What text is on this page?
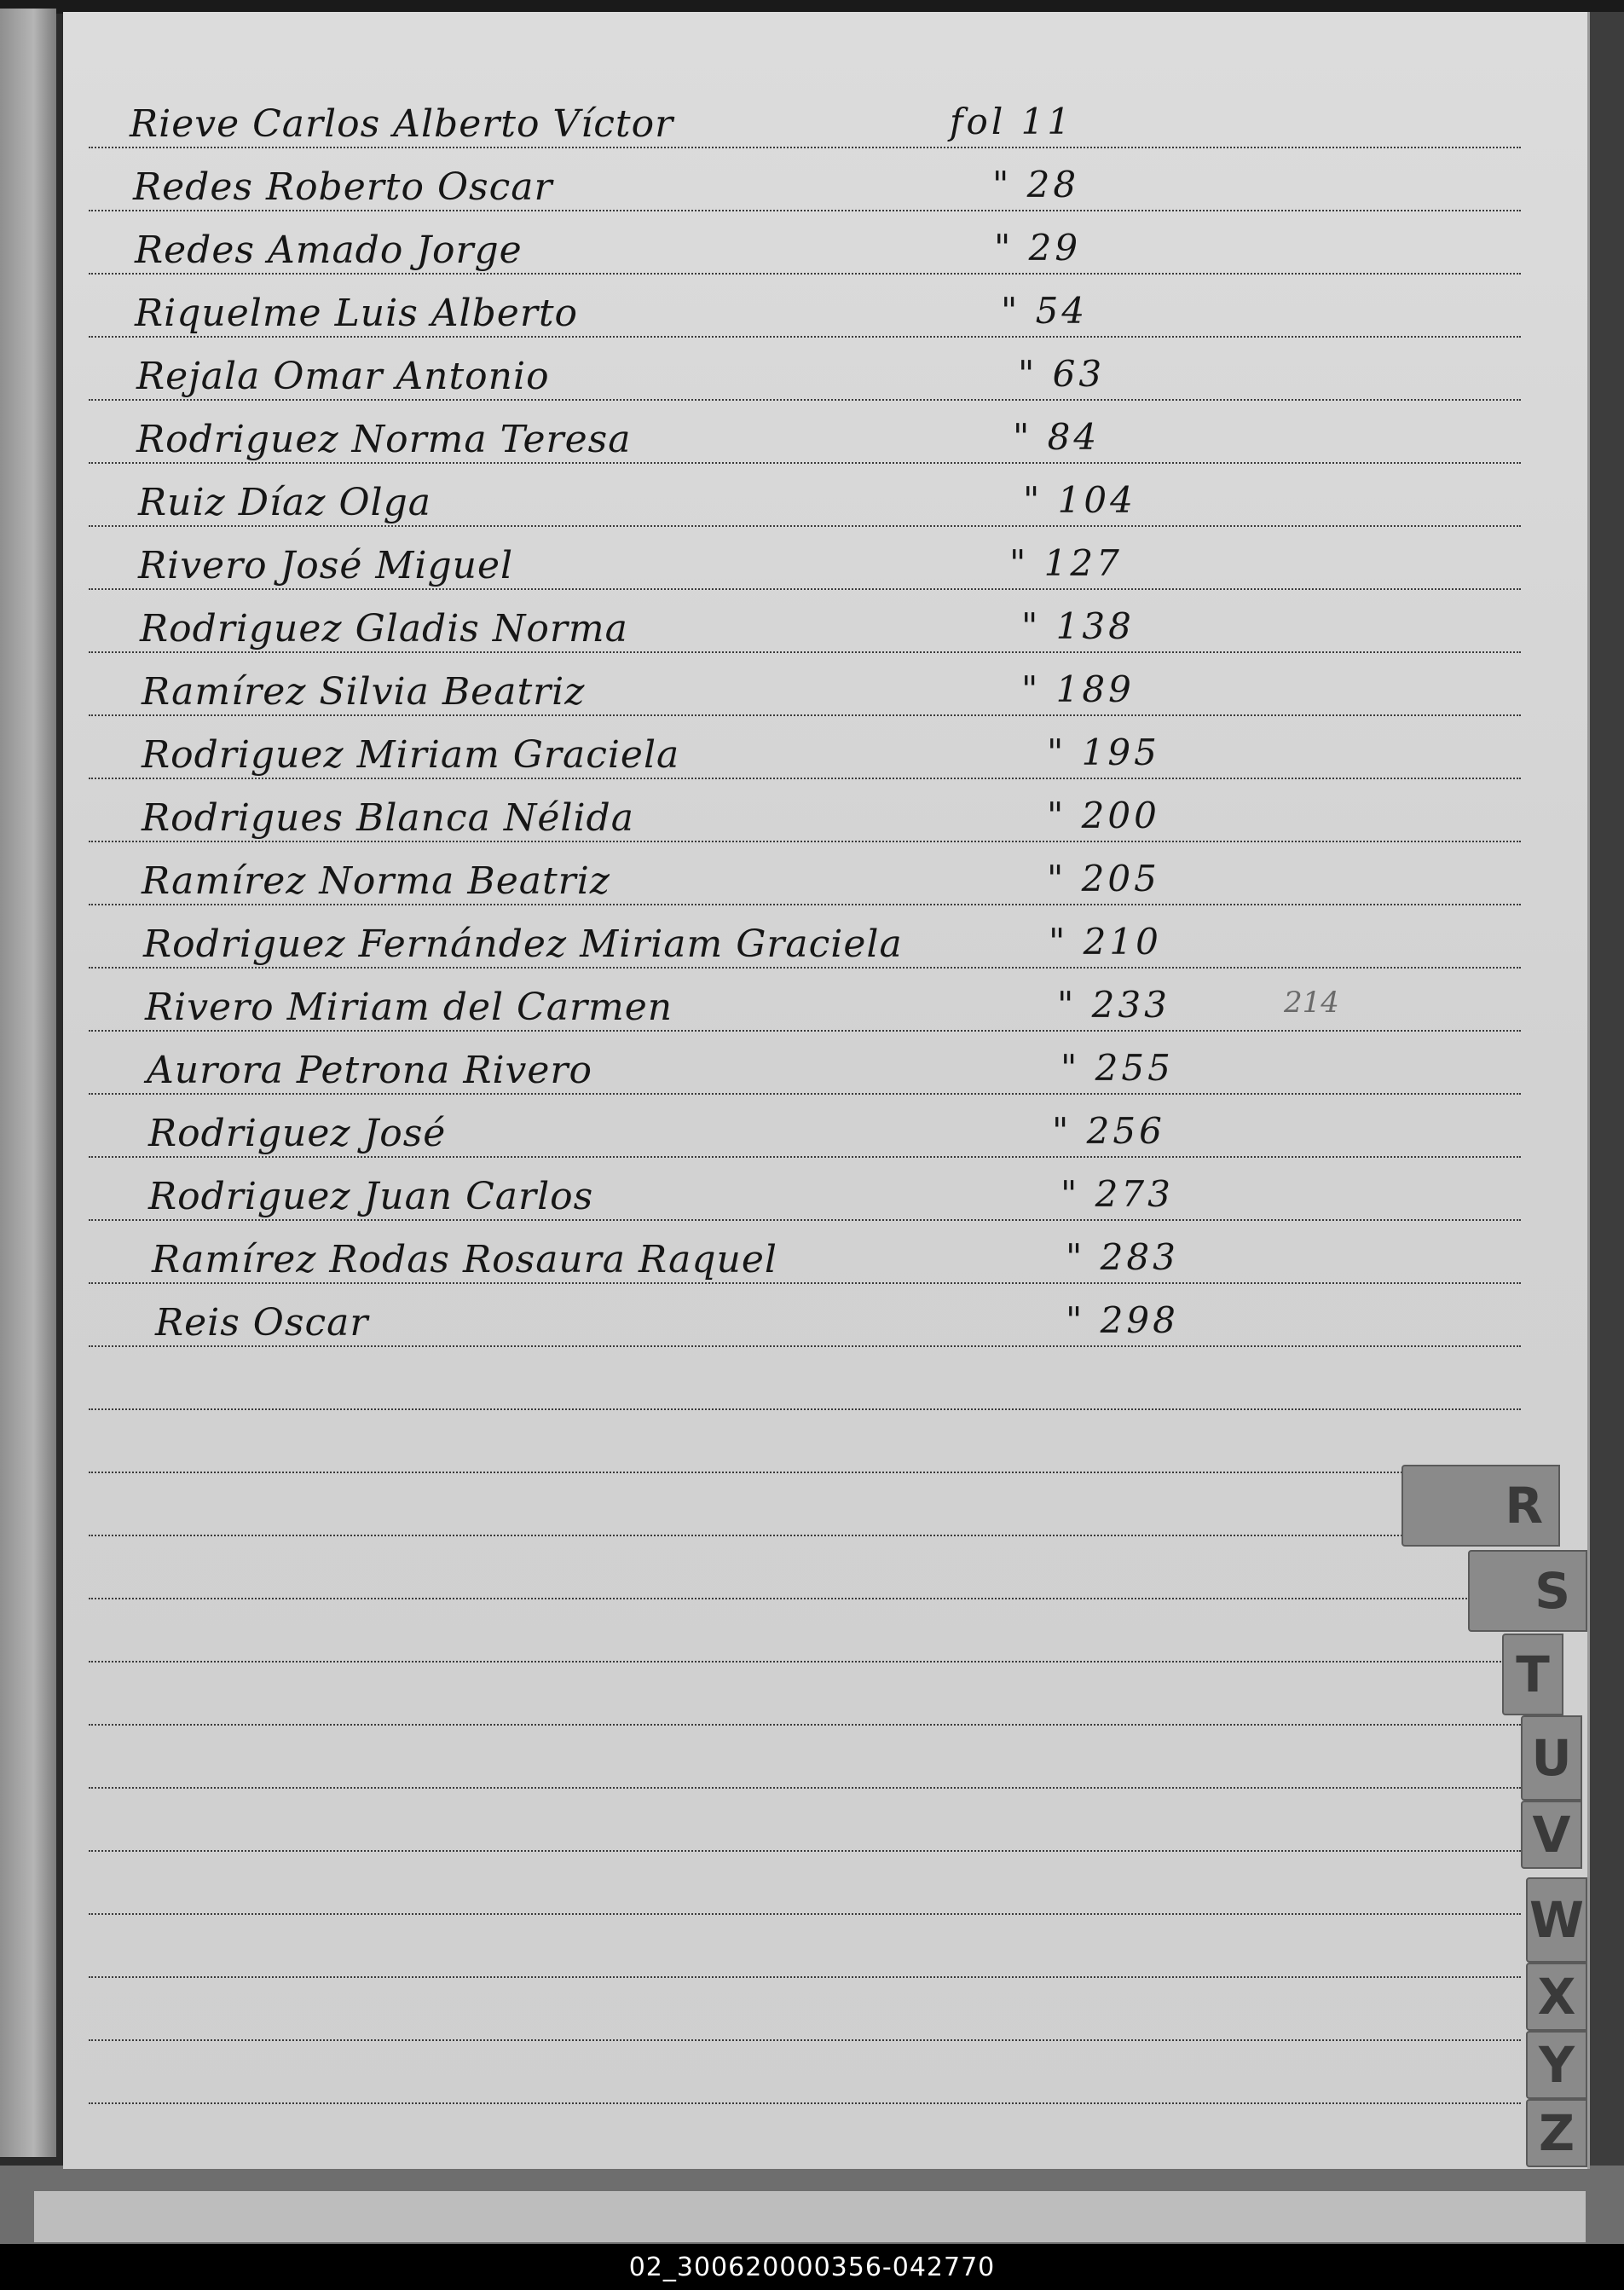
Rieve Carlos Alberto Víctor	fol 11
Redes Roberto Oscar	" 28
Redes Amado Jorge	" 29
Riquelme Luis Alberto	" 54
Rejala Omar Antonio	" 63
Rodriguez Norma Teresa	" 84
Ruiz Díaz Olga	" 104
Rivero José Miguel	" 127
Rodriguez Gladis Norma	" 138
Ramírez Silvia Beatriz	" 189
Rodriguez Miriam Graciela	" 195
Rodrigues Blanca Nélida	" 200
Ramírez Norma Beatriz	" 205
Rodriguez Fernández Miriam Graciela	" 210
Rivero Miriam del Carmen	" 233
Aurora Petrona Rivero	" 255
Rodriguez José	" 256
Rodriguez Juan Carlos	" 273
Ramírez Rodas Rosaura Raquel	" 283
Reis Oscar	" 298
214
R
S
T
U
V
W
X
Y
Z
02_300620000356-042770
